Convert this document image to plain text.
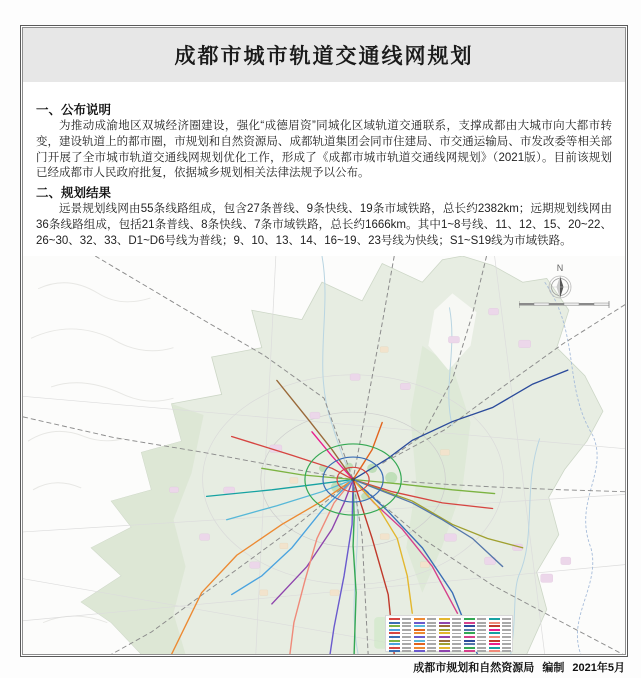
成都市城市轨道交通线网规划
一、公布说明

为推动成渝地区双城经济圈建设，强化“成德眉资”同城化区域轨道交通联系，支撑成都由大城市向大都市转变，建设轨道上的都市圈，市规划和自然资源局、成都轨道集团会同市住建局、市交通运输局、市发改委等相关部门开展了全市城市轨道交通线网规划优化工作，形成了《成都市城市轨道交通线网规划》（2021版）。目前该规划已经成都市人民政府批复，依据城乡规划相关法律法规予以公布。

二、规划结果

远景规划线网由55条线路组成，包含27条普线、9条快线、19条市域铁路，总长约2382km；远期规划线网由36条线路组成，包括21条普线、8条快线、7条市域铁路，总长约1666km。其中1~8号线、11、12、15、20~22、26~30、32、33、D1~D6号线为普线；9、10、13、14、16~19、23号线为快线；S1~S19线为市域铁路。

N
成都市规划和自然资源局 编制 2021年5月
